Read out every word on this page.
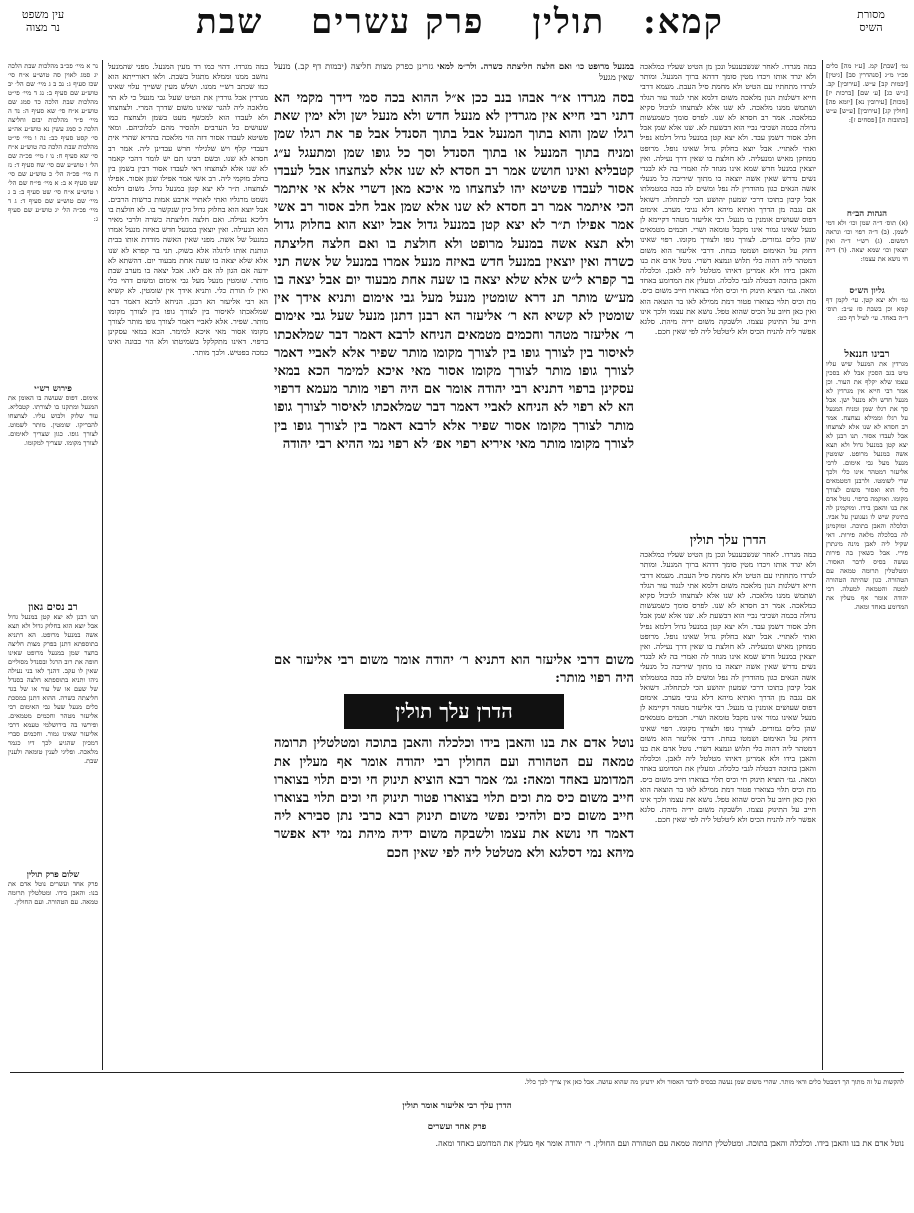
עין משפט
נר מצוה	קמא: תולין פרק עשרים שבת	מסורת
השיס
נר א מיי׳ פכ״ב מהלכות שבת הלכה יג סמג לאוין סה טוש״ע א״ח סי׳ שכז סעיף ג: נב ב ג מיי׳ שם הל׳ יב טוש״ע שם סעיף ב: נג ד מיי׳ פי״ט מהלכות שבת הלכה כד סמג שם טוש״ע א״ח סי׳ שא סעיף ה: נד ה מיי׳ פ״ד מהלכות יבום וחליצה הלכה כ סמג עשין נא טוש״ע אה״ע סי׳ קסט סעיף כב: נה ו מיי׳ פי״ט מהלכות שבת הלכה כה טוש״ע א״ח סי׳ שא סעיף ח: נו ז מיי׳ פכ״ה שם הל׳ ו טוש״ע שם סי׳ שח סעיף ד: נז ח מיי׳ פכ״ה הל׳ כ טוש״ע שם סי׳ שט סעיף א ב: א מיי׳ פי״ח שם הל׳ ו טוש״ע א״ח סי׳ שט סעיף ב: ב ג מיי׳ שם טוש״ע שם סעיף ד: ג ד מיי׳ פכ״ה הל׳ יג טוש״ע שם סעיף ג:
פירוש רש״י
אימום. דפוס שעושה בו האומן את המנעל ומתקנו בו לצורתו. קטבליא. עור שלוק ולבוש עליו. לצחצחו להבריקו. שומטין. מותר לשמוט. לצורך גופו. כגון שצריך לאימום. לצורך מקומו. שצריך למקומו.
רב נסים גאון
תנו רבנן לא יצא קטן במנעל גדול אבל יוצא הוא בחלוק גדול ולא תצא אשה במנעל מרופט. הא דתניא בתוספתא דתנן בפרק מצות חליצה בחצר שמן במנעל מרופט שאינו חופה את רוב הרגל ובסנדל מסוליים שאין לו עקב. דהנך לאו בני נעילה ניהו ותניא בתוספתא חלצה בסנדל של שעם או של עור או של בגד חליצתה כשרה. ההוא דתנן במסכת כלים מנעל שעל גבי האימום רבי אליעזר מטהר וחכמים מטמאים. ופירשו בה בירושלמי טעמא דרבי אליעזר שאינו גמור. וחכמים סברי דמכיון שהגיע לכך דיו כגמר מלאכה. ופליגי לענין טומאה ולענין שבת.
שלום פרק תולין
פרק אחד ועשרים נוטל אדם את בנו: והאבן בידו. ומטלטלין תרומה טמאה. עם הטהורה. ועם החולין.
נמ׳ [שבת] קמ. [ע״ז מה] כלים פכ״ו מ״ג [סנהדרין סב] [גיטין] [יבמות קב] ע״ש. [עירובין] קב. [ג״ש כג] [ע׳ שם] [ברכות יז] [מכות] [עירובין נא] [יומא פה] [חולין קג] [עירובין] [ע״ש] ע״ש [כתובות ה] [פסחים ז]:
הגהות הב״ח
(א) תוס׳ ד״ה שמן וכו׳ ולא דמי לשמן. (ב) ד״ה רפוי וכו׳ ונראה דמשום. (ג) רש״י ד״ה ואין יוצאין וכו׳ שמא יצאה. (ד) ד״ה חי נושא את עצמו:
גליון הש״ס
גמ׳ ולא יצא קטן. עי׳ לקמן דף קמא וכן בשבת סז ע״ב: תוס׳ ד״ה באחד. עי׳ לעיל דף כט:
רבינו חננאל
מגרדין את המנעל שיש עליו טיט בגב הסכין אבל לא בסכין עצמו שלא יקלף את העור. וכן אמר רבי חייא אין מגרדין לא מנעל חדש ולא מנעל ישן. אבל סך את רגלו שמן ומניח המנעל על רגלו וממילא נצחצח. אמר רב חסדא לא שנו אלא לצחצחו אבל לעבדו אסור. תנו רבנן לא יצא קטן במנעל גדול ולא תצא אשה במנעל מרופט. שומטין מנעל מעל גבי אימום. לרבי אליעזר דמטהר אינו כלי ולכך שרי לשומטו. ולרבנן דמטמאים כלי הוא ואסור משום לצורך מקומו. ואוקמה ברפוי. נוטל אדם את בנו והאבן בידו. ומוקמינן לה בתינוק שיש לו געגועין על אביו. וכלכלה והאבן בתוכה. ומוקמינן לה בכלכלה מלאה פירות. דאי שקיל ליה לאבן מינה מינתרן פירי. אבל כשאין בה פירות נעשה בסיס לדבר האסור. ומטלטלין תרומה טמאה עם הטהורה. כגון שהיתה הטהורה למטה והטמאה למעלה. רבי יהודה אומר אף מעלין את המדומע באחד ומאה.
במה מגרדו. דהוי כמו רד מעין המנעל. מפני שהמנעל נחשב ממנו וממלא מתגזל בשבת. ולאו דאורייתא הוא כמו שכתב רש״י ממנו. ושלש מעין ששייך עלוי שאינו מגרדין אבל גורדין את הטיט שעל גבי מנעל כי לא הוי מלאכה ליה להגר שאינו משום שדרך המרי. ולצחצחו ולא לעבדו הוא למכשף מעט בשמן ולצחצח כמו שעושים כל הערבים ולהסיר מהם לכלוכיהם. ומאי פשיטא לעבדו אסור דזה הוי מלאכה בהדיא שהרי אית דעבדי קלף ויש שלגילוי חרש עבדינן ליה. אמר רב חסדא לא שנו. ובשם רבינו תם יש לומר דהכי קאמר לא שנו אלא לצחצחו דאי לעבדו אסור דבין בשמן בין בחלב מוקמי ליה. רב אשי אמר אפילו שמן אסור. אפילו לצחצחו. ת״ר לא יצא קטן במנעל גדול. משום דלמא נשמט מרגליו ואתי לאתויי ארבע אמות ברשות הרבים. אבל יוצא הוא בחלוק גדול כיון שנקשר בו. לא חולצת בו דליכא נעילה. ואם חלצה חליצתה כשרה ולרבי מאיר הוא הנעילה. ואין יוצאין במנעל חדש באיזה מנעל אמרו במנעל של אשה. מפני שאין האשה מודדת אותו בבית ונותנת אותו לרגלה אלא בשוק. תני בר קפרא לא שנו אלא שלא יצאה בו שעה אחת מבעוד יום. דהשתא לא ידעה אם הגון לה אם לאו. אבל יצאה בו מערב שבת מותר. שומטין מנעל מעל גבי אימום ומשום דהוי כלי ואין לו תורת כלי. ותניא אידך אין שומטין. לא קשיא הא רבי אליעזר הא רבנן. הניחא לרבא דאמר דבר שמלאכתו לאיסור בין לצורך גופו בין לצורך מקומו מותר. שפיר. אלא לאביי דאמר לצורך גופו מותר לצורך מקומו אסור מאי איכא למימר. הכא במאי עסקינן ברפוי. דאינו מתקלקל בשמיטתו ולא הוי כבונה ואינו כמכה בפטיש. ולכך מותר.
במה מגרדו. לאחר שנשבענעל ונכן מן הטיט שעליו כמלאכה ולא יגרד אותו ויכדו מטין סומך דדהא ברוך המנעל. ומותר לגרדו מתחתיו עם הטיט ולא מחמת סיל העבת. מעמא דרבי חייא דשלנות הנון מלאכה משום דלמא אתי לנגוד עור הגלד ושתמש ממנו מלאכה. לא שנו אלא לצחצחו לגיבול סקיא כמלאכה. אמר רב חסדא לא שנו. לפרס סומך כשמעשות גדולה בכמה ושכיבי נביי הוא דבשעת לא. שנו אלא שמן אבל חלב אסור דשמן עבד. ולא יצא קטן במנעל גדול דלמא נפיל ואתי לאתויי. אבל יוצא בחלוק גדול שאינו נופל. מרופט ממחקן מאיש ומנעליה. לא חולצת בו שאין דרך נעילה. ואין יוצאין במנעל חדש שמא אינו מגוזד לה ואמרי בה לא לבגדי נשים נדרש שאין אשה יוצאה בו מתוך שיריבה כל מנעלי אשה הגאים כגון מהודרין לה נפל ומשים לה בכה במטמלתו אבל קיבון בתוכו דרכי שמעון יהושע הכי לכתחלה. דשואל אם נגבה מן הדרך ואתיא מיהא דלא נגיבי מערב. אימום דפוס שעושים אומנין בו מנעל. רבי אליעזר מטהר דקיימא לן מנעל שאינו גמור אינו מקבל טומאה ושרי. חכמים מטמאים שהן כלים גמורים. לצורך גופו ולצורך מקומו. רפוי שאינו דחוק על האימום ושמטו בנחת. דרבי אליעזר הוא משום דמטהר ליה דהוה כלי תלוש ונמצא דשרי. נוטל אדם את בנו והאבן בידו ולא אמרינן דאיהו מטלטל ליה לאבן. וכלכלה והאבן בתוכה דבטלה לגבי כלכלה. ומעלין את המדומע באחד ומאה. גמ׳ הוציא תינוק חי וכיס תלוי בצוארו חייב משום כיס. מת וכיס תלוי בצוארו פטור דמת ממילא לאו בר הוצאה הוא ואין כאן חיוב על הכיס שהוא טפל. נושא את עצמו ולכך אינו חייב על התינוק עצמו. ולשבקה משום ידיה מיהת. סלגא אפשר ליה להניח הכיס ולא ליטלטל ליה לפי שאין חכם.
הדרן עלך תולין
במה מגרדו. לאחר שנשבענעל ונכן מן הטיט שעליו כמלאכה ולא יגרד אותו ויכדו מטין סומך דדהא ברוך המנעל. ומותר לגרדו מתחתיו עם הטיט ולא מחמת סיל העבת. מעמא דרבי חייא דשלנות הנון מלאכה משום דלמא אתי לנגוד עור הגלד ושתמש ממנו מלאכה. לא שנו אלא לצחצחו לגיבול סקיא כמלאכה. אמר רב חסדא לא שנו. לפרס סומך כשמעשות גדולה בכמה ושכיבי נביי הוא דבשעת לא. שנו אלא שמן אבל חלב אסור דשמן עבד. ולא יצא קטן במנעל גדול דלמא נפיל ואתי לאתויי. אבל יוצא בחלוק גדול שאינו נופל. מרופט ממחקן מאיש ומנעליה. לא חולצת בו שאין דרך נעילה. ואין יוצאין במנעל חדש שמא אינו מגוזד לה ואמרי בה לא לבגדי נשים נדרש שאין אשה יוצאה בו מתוך שיריבה כל מנעלי אשה הגאים כגון מהודרין לה נפל ומשים לה בכה במטמלתו אבל קיבון בתוכו דרכי שמעון יהושע הכי לכתחלה. דשואל אם נגבה מן הדרך ואתיא מיהא דלא נגיבי מערב. אימום דפוס שעושים אומנין בו מנעל. רבי אליעזר מטהר דקיימא לן מנעל שאינו גמור אינו מקבל טומאה ושרי. חכמים מטמאים שהן כלים גמורים. לצורך גופו ולצורך מקומו. רפוי שאינו דחוק על האימום ושמטו בנחת. דרבי אליעזר הוא משום דמטהר ליה דהוה כלי תלוש ונמצא דשרי. נוטל אדם את בנו והאבן בידו ולא אמרינן דאיהו מטלטל ליה לאבן. וכלכלה והאבן בתוכה דבטלה לגבי כלכלה. ומעלין את המדומע באחד ומאה. גמ׳ הוציא תינוק חי וכיס תלוי בצוארו חייב משום כיס. מת וכיס תלוי בצוארו פטור דמת ממילא לאו בר הוצאה הוא ואין כאן חיוב על הכיס שהוא טפל. נושא את עצמו ולכך אינו חייב על התינוק עצמו. ולשבקה משום ידיה מיהת. סלגא אפשר ליה להניח הכיס ולא ליטלטל ליה לפי שאין חכם.
במנעל מרופט כו׳ ואם חלצה חליצתה כשרה. ולר״מ למאי גזרינן כפרק מצות חליצה (יבמות דף קב.) מנעל שאין מגעל
בסה מגרדו א״ר אבהו בנב ככן א״ל ההוא בכה סמי דידך מקמי הא דתני רבי חייא אין מגרדין לא מנעל חדש ולא מנעל ישן ולא ימין שאת רגלו שמן והוא בתוך המנעל אבל בתוך הסנדל אבל פר את רגלו שמן ומניח בתוך המנעל או בתוך הסנדל וסך כל גופו שמן ומתעגל ע״ג קטבליא ואינו חושש אמר רב חסדא לא שנו אלא לצחצחו אבל לעבדו אסור לעבדו פשיטא יהו לצחצחו מי איכא מאן דשרי אלא אי איתמר הכי איתמר אמר רב חסדא לא שנו אלא שמן אבל חלב אסור רב אשי אמר אפילו ת״ר לא יצא קטן במנעל גדול אבל יוצא הוא בחלוק גדול ולא תצא אשה במנעל מרופט ולא חולצת בו ואם חלצה חליצתה כשרה ואין יוצאין במנעל חדש באיזה מנעל אמרו במנעל של אשה תני בר קפרא ל״ש אלא שלא יצאה בו שעה אחת מבעוד יום אבל יצאה בו מע״ש מותר תנ דרא שומטין מנעל מעל גבי אימום ותניא אידך אין שומטין לא קשיא הא ר׳ אליעזר הא רבנן דתנן מנעל שעל גבי אימום ר׳ אליעזר מטהר וחכמים מטמאים הניחא לרבא דאמר דבר שמלאכתו לאיסור בין לצורך גופו בין לצורך מקומו מותר שפיר אלא לאביי דאמר לצורך גופו מותר לצורך מקומו אסור מאי איכא למימר הכא במאי עסקינן ברפוי דתניא רבי יהודה אומר אם היה רפוי מותר מעמא דרפוי הא לא רפוי לא הניחא לאביי דאמר דבר שמלאכתו לאיסור לצורך גופו מותר לצורך מקומו אסור שפיר אלא לרבא דאמר בין לצורך גופו בין לצורך מקומו מותר מאי איריא רפוי אפ׳ לא רפוי נמי ההיא רבי יהודה
משום דרבי אליעזר הוא דתניא ר׳ יהודה אומר משום רבי אליעזר אם היה רפוי מותר:
הדרן עלך תולין
נוטל אדם את בנו והאבן בידו וכלכלה והאבן בתוכה ומטלטלין תרומה טמאה עם הטהורה ועם החולין רבי יהודה אומר אף מעלין את המדומע באחד ומאה: גמ׳ אמר רבא הוציא תינוק חי וכים תלוי בצוארו חייב משום כיס מת וכים תלוי בצוארו פטור תינוק חי וכים תלוי בצוארו חייב משום כים ולהיכי נפשי משום תינוק רבא כרבי נתן סבירא ליה דאמר חי נושא את עצמו ולשבקה משום ידיה מיהת נמי ידא אפשר מיהא נמי דסלגא ולא מטלטל ליה לפי שאין חכם
להקשות על זה מתוך הך דמבטל כלים ודאי מותר. שהרי משום שמן נעשה כבסיס לדבר האסור ולא ידעינן מה שהוא עושה. אבל כאן אין צריך לכך כלל.
הדרן עלך רבי אליעזר אומר תולין
פרק אחד ועשרים
נוטל אדם את בנו והאבן בידו. וכלכלה והאבן בתוכה. ומטלטלין תרומה טמאה עם הטהורה ועם החולין. ר׳ יהודה אומר אף מעלין את המדומע באחד ומאה.
